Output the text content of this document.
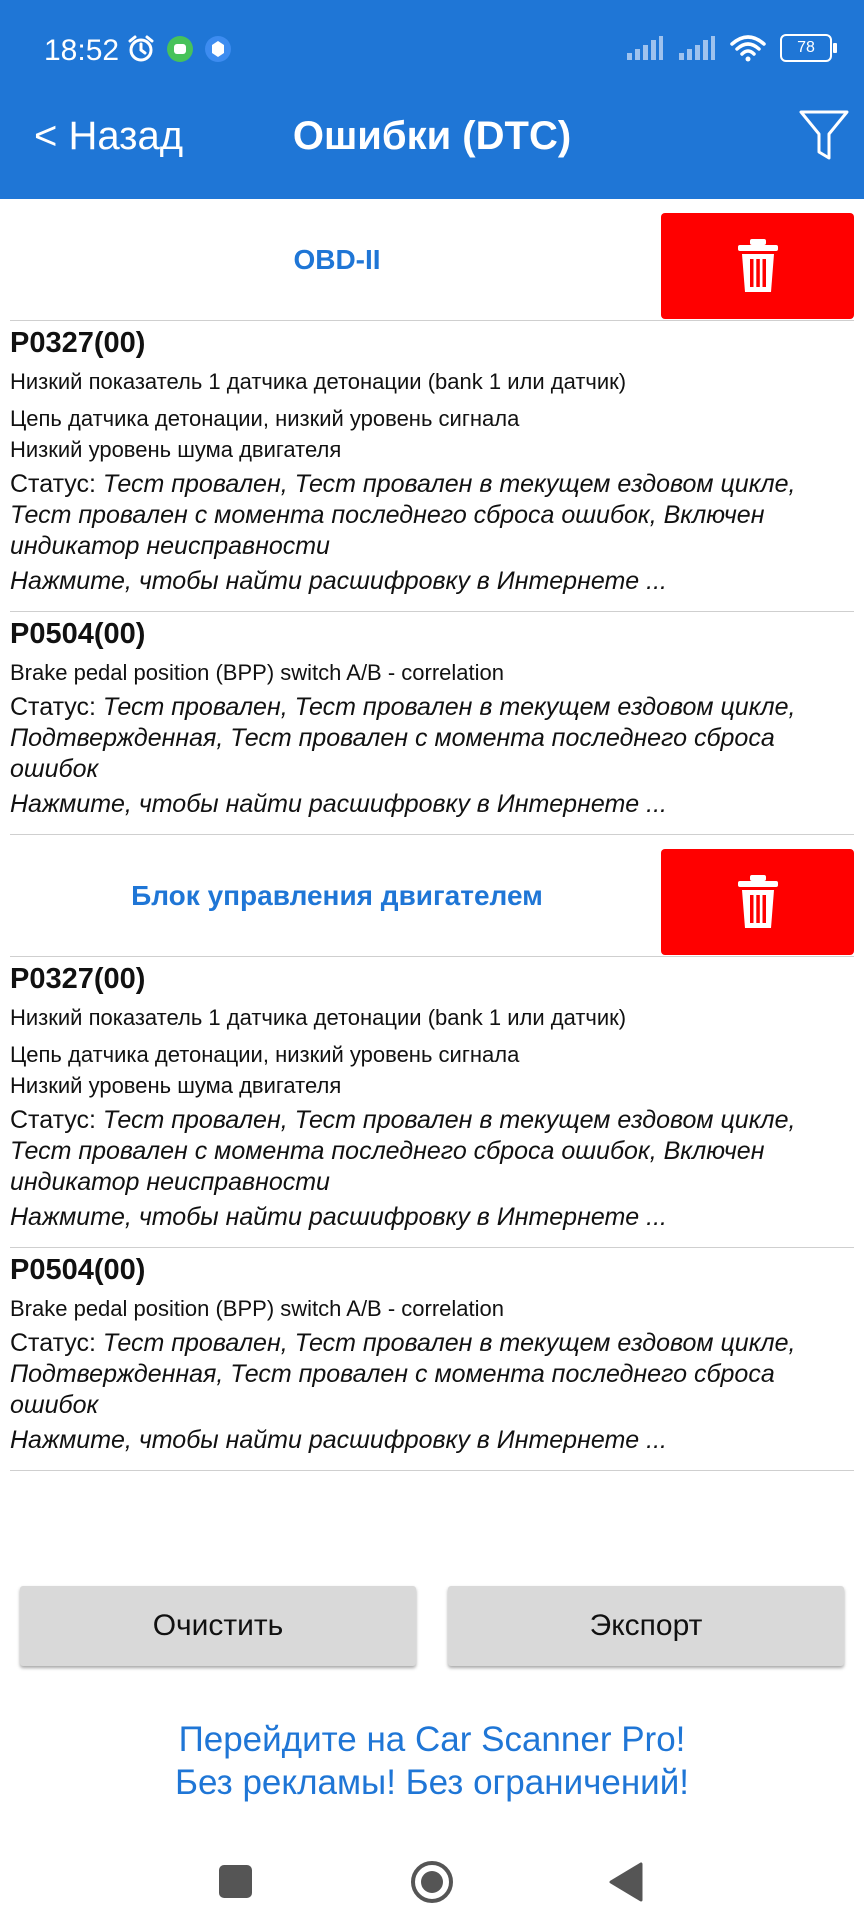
18:52	78
< Назад	Ошибки (DTC)
OBD-II
P0327(00)
Низкий показатель 1 датчика детонации (bank 1 или датчик)
Цепь датчика детонации, низкий уровень сигнала
Низкий уровень шума двигателя
Статус: Тест провален, Тест провален в текущем ездовом цикле, Тест провален с момента последнего сброса ошибок, Включен индикатор неисправности
Нажмите, чтобы найти расшифровку в Интернете ...
P0504(00)
Brake pedal position (BPP) switch A/B - correlation
Статус: Тест провален, Тест провален в текущем ездовом цикле, Подтвержденная, Тест провален с момента последнего сброса ошибок
Нажмите, чтобы найти расшифровку в Интернете ...
Блок управления двигателем
P0327(00)
Низкий показатель 1 датчика детонации (bank 1 или датчик)
Цепь датчика детонации, низкий уровень сигнала
Низкий уровень шума двигателя
Статус: Тест провален, Тест провален в текущем ездовом цикле, Тест провален с момента последнего сброса ошибок, Включен индикатор неисправности
Нажмите, чтобы найти расшифровку в Интернете ...
P0504(00)
Brake pedal position (BPP) switch A/B - correlation
Статус: Тест провален, Тест провален в текущем ездовом цикле, Подтвержденная, Тест провален с момента последнего сброса ошибок
Нажмите, чтобы найти расшифровку в Интернете ...
Очистить	Экспорт
Перейдите на Car Scanner Pro!
Без рекламы! Без ограничений!
